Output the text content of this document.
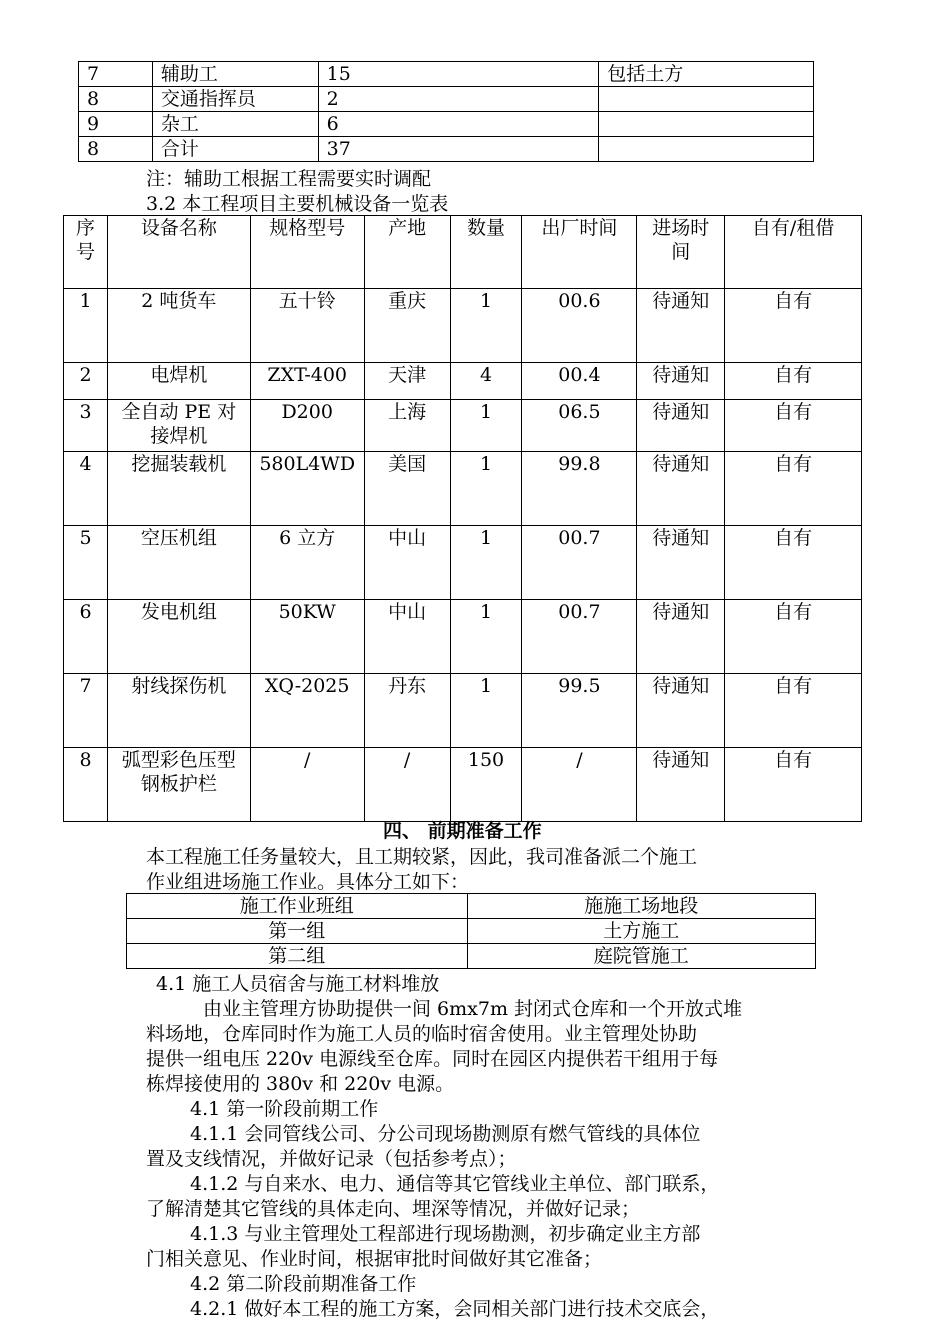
7	辅助工	15	包括土方
8	交通指挥员	2	
9	杂工	6	
8	合计	37	
注：辅助工根据工程需要实时调配
3.2 本工程项目主要机械设备一览表
序号	设备名称	规格型号	产地	数量	出厂时间	进场时间	自有/租借
1	2 吨货车	五十铃	重庆	1	00.6	待通知	自有
2	电焊机	ZXT-400	天津	4	00.4	待通知	自有
3	全自动 PE 对接焊机	D200	上海	1	06.5	待通知	自有
4	挖掘装载机	580L4WD	美国	1	99.8	待通知	自有
5	空压机组	6 立方	中山	1	00.7	待通知	自有
6	发电机组	50KW	中山	1	00.7	待通知	自有
7	射线探伤机	XQ-2025	丹东	1	99.5	待通知	自有
8	弧型彩色压型钢板护栏	/	/	150	/	待通知	自有
四、 前期准备工作
本工程施工任务量较大，且工期较紧，因此，我司准备派二个施工
作业组进场施工作业。具体分工如下：
施工作业班组	施施工场地段
第一组	土方施工
第二组	庭院管施工
4.1 施工人员宿舍与施工材料堆放
由业主管理方协助提供一间 6mx7m 封闭式仓库和一个开放式堆
料场地，仓库同时作为施工人员的临时宿舍使用。业主管理处协助
提供一组电压 220v 电源线至仓库。同时在园区内提供若干组用于每
栋焊接使用的 380v 和 220v 电源。
4.1 第一阶段前期工作
4.1.1 会同管线公司、分公司现场勘测原有燃气管线的具体位
置及支线情况，并做好记录（包括参考点）；
4.1.2 与自来水、电力、通信等其它管线业主单位、部门联系，
了解清楚其它管线的具体走向、埋深等情况，并做好记录；
4.1.3 与业主管理处工程部进行现场勘测，初步确定业主方部
门相关意见、作业时间，根据审批时间做好其它准备；
4.2 第二阶段前期准备工作
4.2.1 做好本工程的施工方案，会同相关部门进行技术交底会，
